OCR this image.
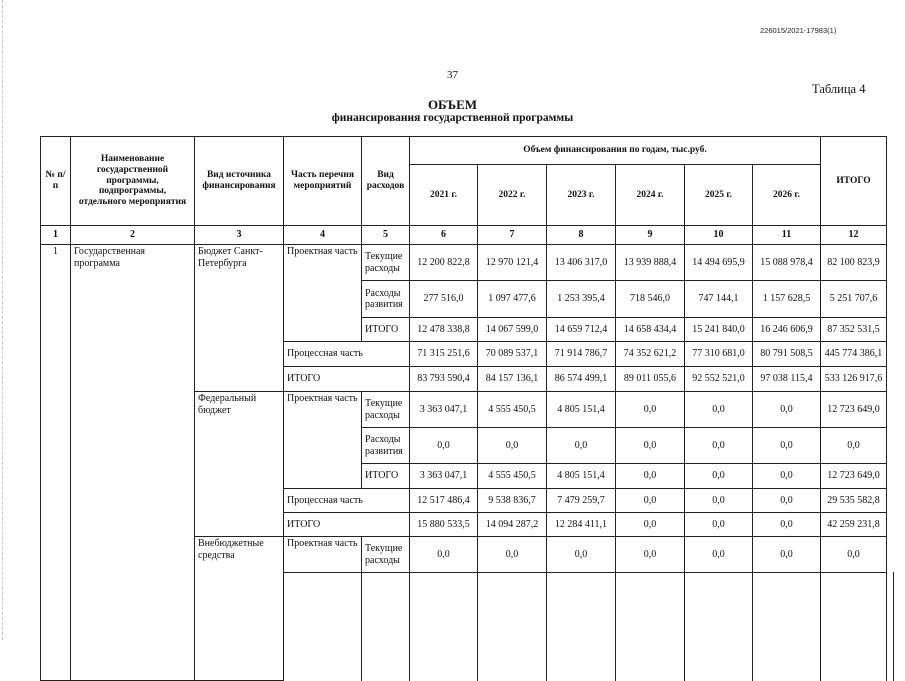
226015/2021-17983(1)
37
Таблица 4
ОБЪЕМ
финансирования государственной программы
№ п/п	Наименование государственной программы, подпрограммы, отдельного мероприятия	Вид источника финансирования	Часть перечня мероприятий	Вид расходов	Объем финансирования по годам, тыс.руб.						ИТОГО	
					2021 г.	2022 г.	2023 г.	2024 г.	2025 г.	2026 г.		
1	2	3	4	5	6	7	8	9	10	11	12	
1	Государственная программа	Бюджет Санкт-Петербурга	Проектная часть	Текущие расходы	12 200 822,8	12 970 121,4	13 406 317,0	13 939 888,4	14 494 695,9	15 088 978,4	82 100 823,9	
				Расходы развития	277 516,0	1 097 477,6	1 253 395,4	718 546,0	747 144,1	1 157 628,5	5 251 707,6	
				ИТОГО	12 478 338,8	14 067 599,0	14 659 712,4	14 658 434,4	15 241 840,0	16 246 606,9	87 352 531,5	
			Процессная часть		71 315 251,6	70 089 537,1	71 914 786,7	74 352 621,2	77 310 681,0	80 791 508,5	445 774 386,1	
			ИТОГО		83 793 590,4	84 157 136,1	86 574 499,1	89 011 055,6	92 552 521,0	97 038 115,4	533 126 917,6	
		Федеральный бюджет	Проектная часть	Текущие расходы	3 363 047,1	4 555 450,5	4 805 151,4	0,0	0,0	0,0	12 723 649,0	
				Расходы развития	0,0	0,0	0,0	0,0	0,0	0,0	0,0	
				ИТОГО	3 363 047,1	4 555 450,5	4 805 151,4	0,0	0,0	0,0	12 723 649,0	
			Процессная часть		12 517 486,4	9 538 836,7	7 479 259,7	0,0	0,0	0,0	29 535 582,8	
			ИТОГО		15 880 533,5	14 094 287,2	12 284 411,1	0,0	0,0	0,0	42 259 231,8	
		Внебюджетные средства	Проектная часть	Текущие расходы	0,0	0,0	0,0	0,0	0,0	0,0	0,0	
